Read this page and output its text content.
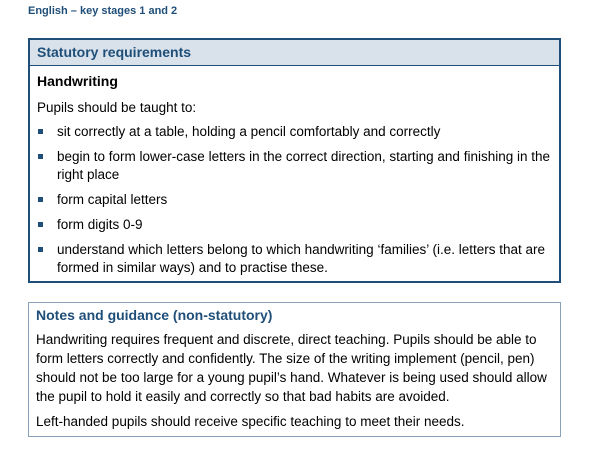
English – key stages 1 and 2
Statutory requirements
Handwriting
Pupils should be taught to:
sit correctly at a table, holding a pencil comfortably and correctly
begin to form lower-case letters in the correct direction, starting and finishing in the right place
form capital letters
form digits 0-9
understand which letters belong to which handwriting ‘families’ (i.e. letters that are formed in similar ways) and to practise these.
Notes and guidance (non-statutory)
Handwriting requires frequent and discrete, direct teaching. Pupils should be able to form letters correctly and confidently. The size of the writing implement (pencil, pen) should not be too large for a young pupil’s hand. Whatever is being used should allow the pupil to hold it easily and correctly so that bad habits are avoided.
Left-handed pupils should receive specific teaching to meet their needs.
